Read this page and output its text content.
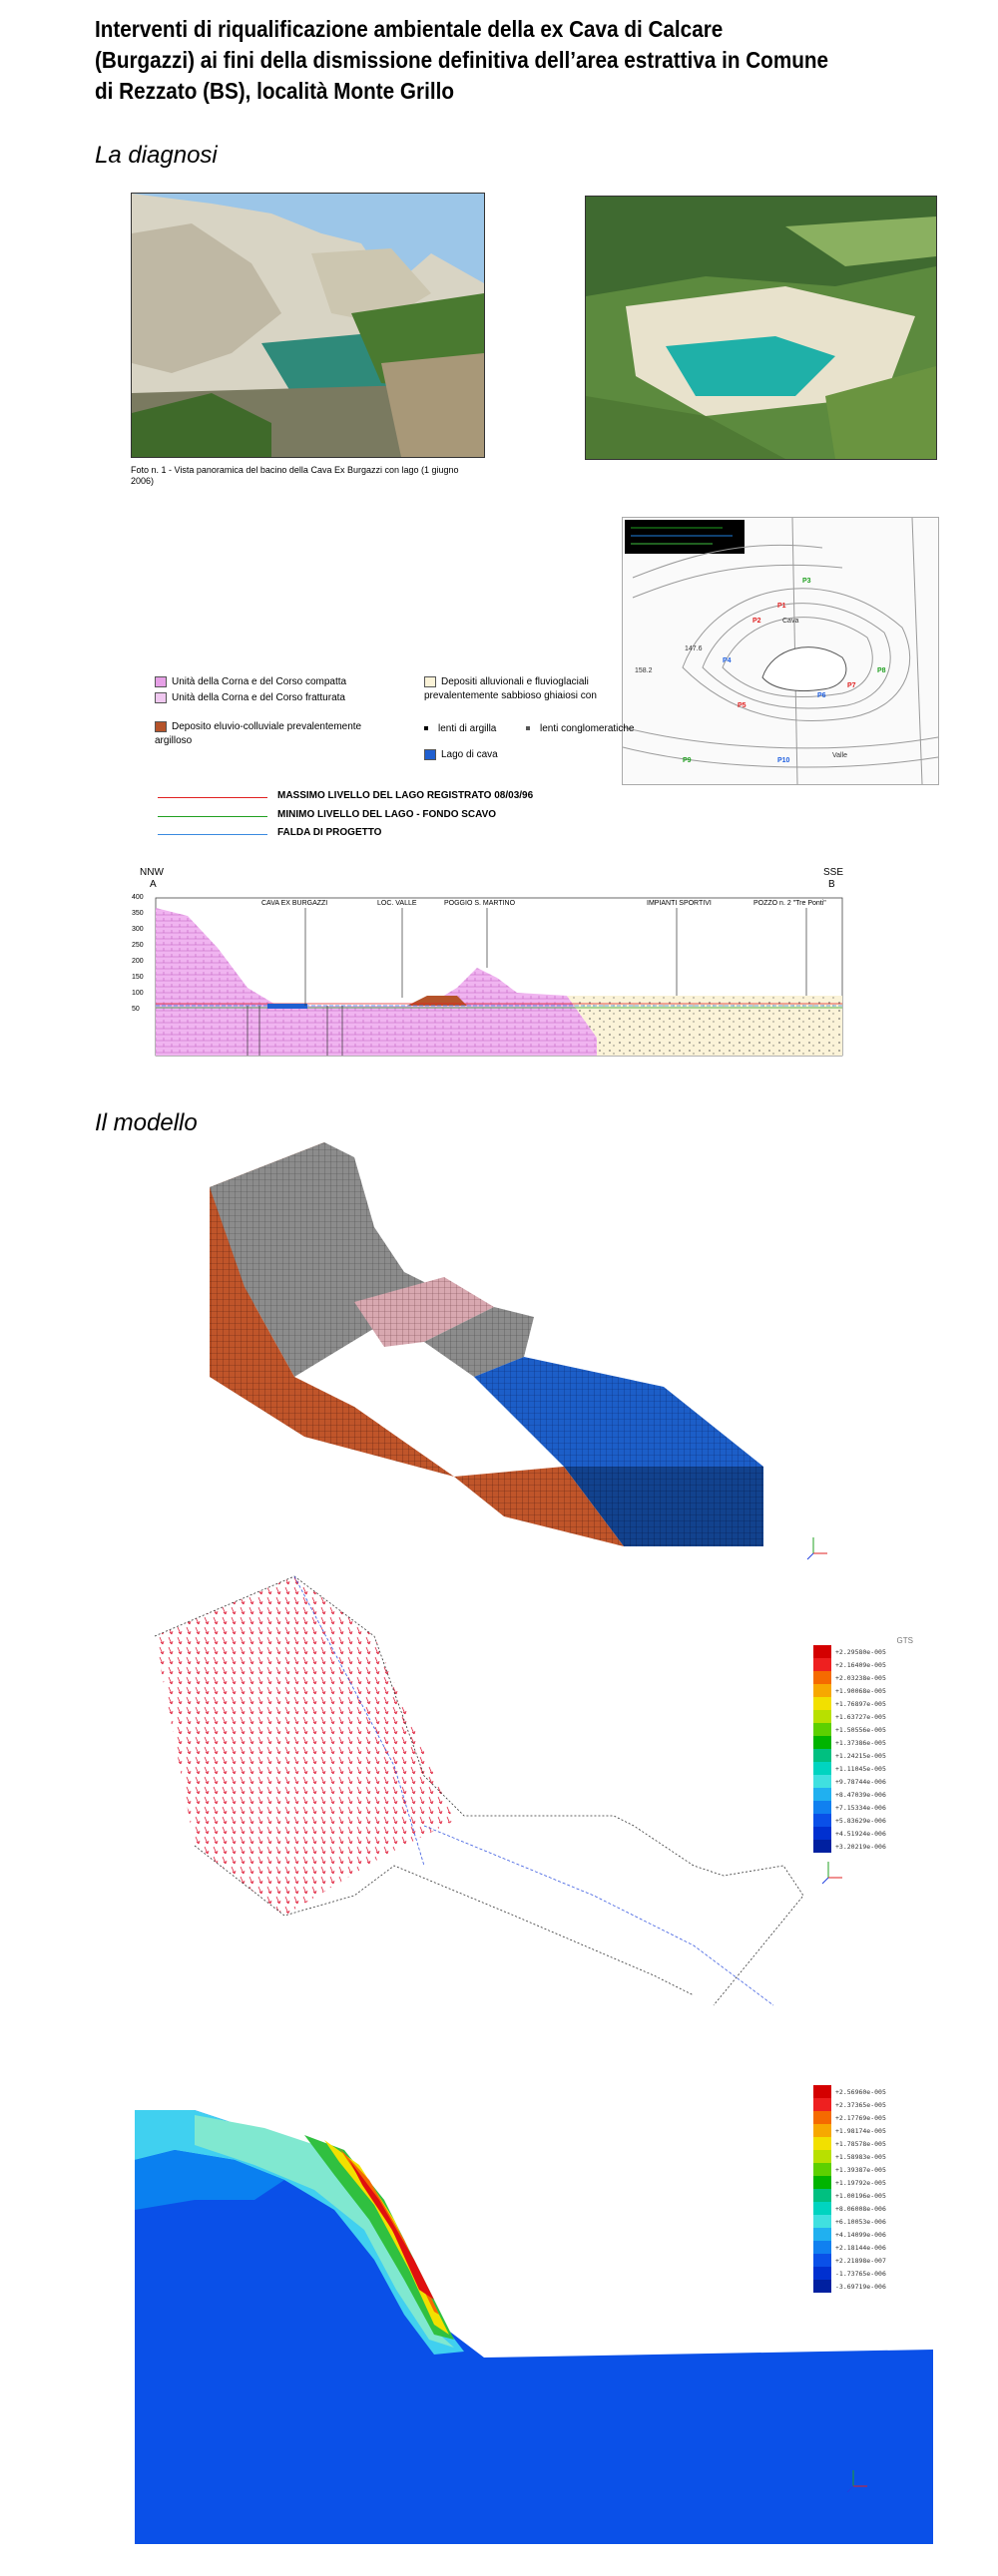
Interventi di riqualificazione ambientale della ex Cava di Calcare
(Burgazzi) ai fini della dismissione definitiva dell’area estrattiva in Comune
di Rezzato (BS), località Monte Grillo
La diagnosi
Foto n. 1 - Vista panoramica del bacino della Cava Ex Burgazzi con lago (1 giugno 2006)
147.6
158.2
Cava
Valle
P1
P2
P3
P4
P5
P6
P7
P8
P9	P10
Unità della Corna e del Corso compatta
Unità della Corna e del Corso fratturata
Deposito eluvio-colluviale prevalentemente argilloso
Depositi alluvionali e fluvioglaciali prevalentemente sabbioso ghiaiosi con
lenti di argilla	lenti conglomeratiche
Lago di cava
MASSIMO LIVELLO DEL LAGO REGISTRATO 08/03/96
MINIMO LIVELLO DEL LAGO - FONDO SCAVO
FALDA DI PROGETTO
NNW
A
SSE
B
400
350
300
250
200
150
100
50
CAVA EX BURGAZZI	LOC. VALLE	POGGIO S. MARTINO	IMPIANTI SPORTIVI	POZZO n. 2 "Tre Ponti"
Il modello
GTS
+2.29580e-005
+2.16409e-005
+2.03238e-005
+1.90068e-005
+1.76897e-005
+1.63727e-005
+1.50556e-005
+1.37386e-005
+1.24215e-005
+1.11045e-005
+9.78744e-006
+8.47039e-006
+7.15334e-006
+5.83629e-006
+4.51924e-006
+3.20219e-006
+2.56960e-005
+2.37365e-005
+2.17769e-005
+1.98174e-005
+1.78578e-005
+1.58983e-005
+1.39387e-005
+1.19792e-005
+1.00196e-005
+8.06008e-006
+6.10053e-006
+4.14099e-006
+2.18144e-006
+2.21898e-007
-1.73765e-006
-3.69719e-006
